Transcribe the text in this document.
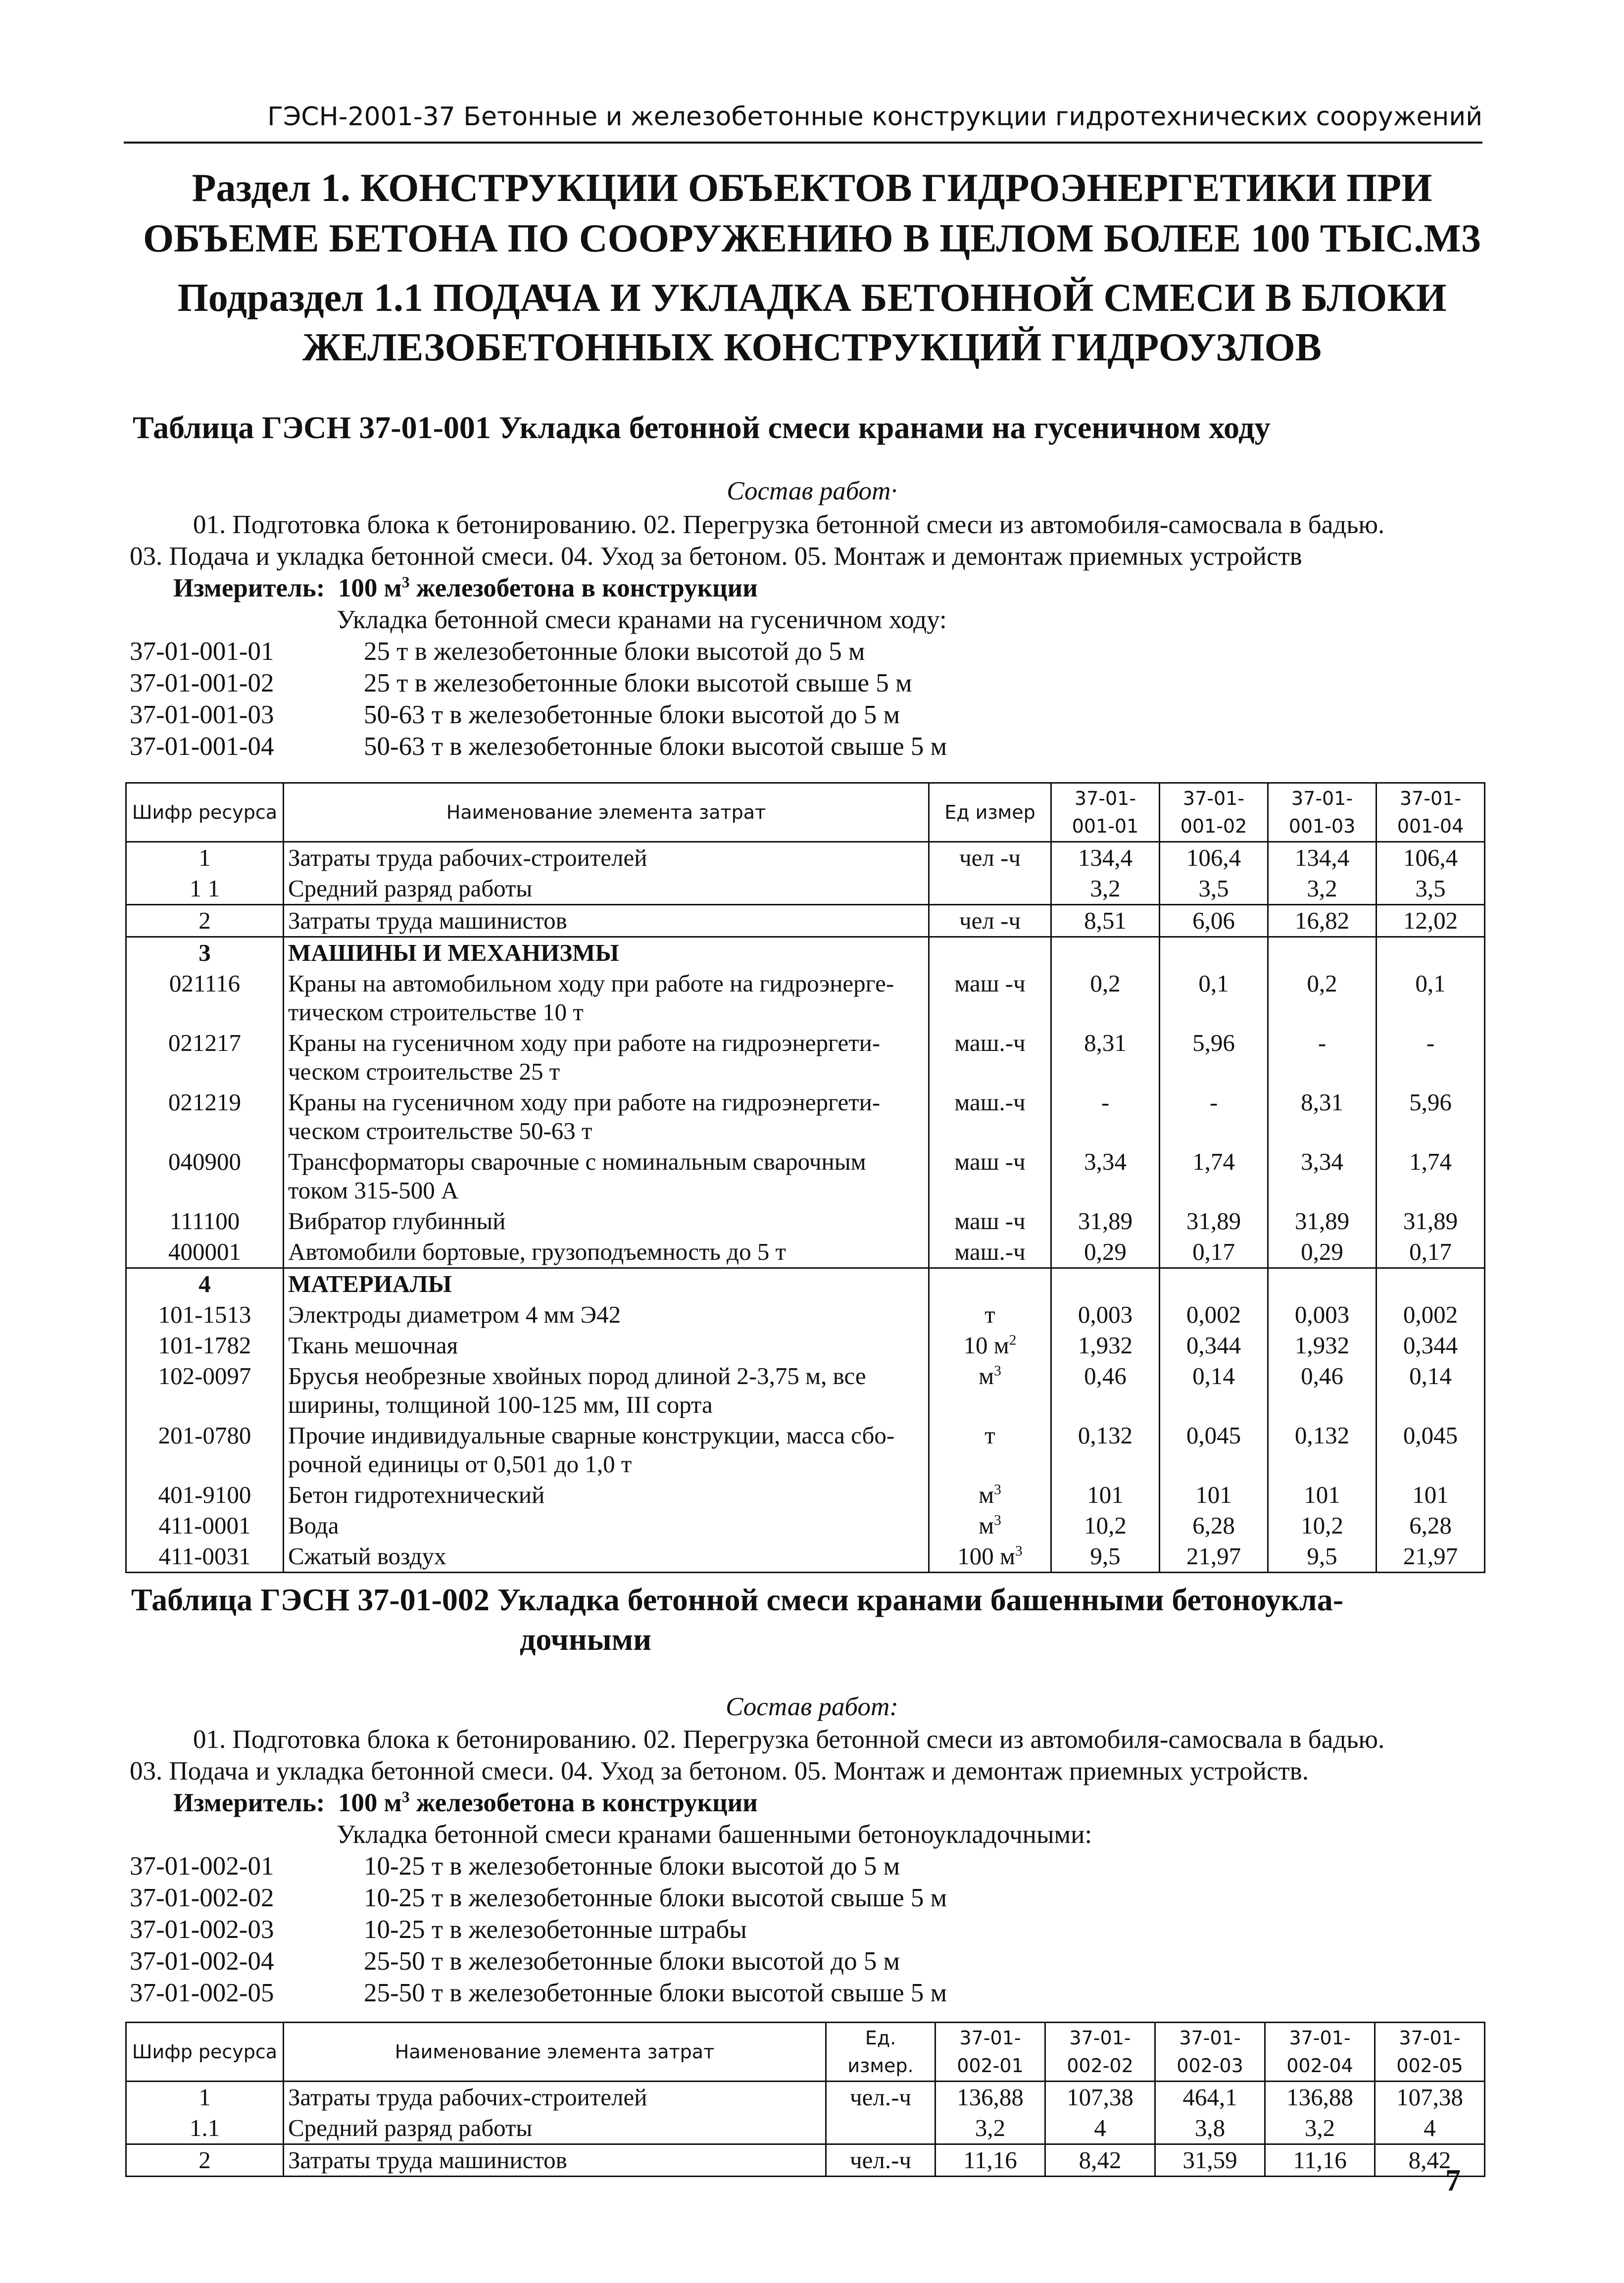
ГЭСН-2001-37 Бетонные и железобетонные конструкции гидротехнических сооружений
Раздел 1. КОНСТРУКЦИИ ОБЪЕКТОВ ГИДРОЭНЕРГЕТИКИ ПРИ
ОБЪЕМЕ БЕТОНА ПО СООРУЖЕНИЮ В ЦЕЛОМ БОЛЕЕ 100 ТЫС.М3
Подраздел 1.1 ПОДАЧА И УКЛАДКА БЕТОННОЙ СМЕСИ В БЛОКИ
ЖЕЛЕЗОБЕТОННЫХ КОНСТРУКЦИЙ ГИДРОУЗЛОВ
Таблица ГЭСН 37-01-001 Укладка бетонной смеси кранами на гусеничном ходу
Состав работ·
01. Подготовка блока к бетонированию. 02. Перегрузка бетонной смеси из автомобиля-самосвала в бадью.
03. Подача и укладка бетонной смеси. 04. Уход за бетоном. 05. Монтаж и демонтаж приемных устройств
Измеритель: 100 $м^3$ железобетона в конструкции
Укладка бетонной смеси кранами на гусеничном ходу:
37-01-001-01	25 т в железобетонные блоки высотой до 5 м
37-01-001-02	25 т в железобетонные блоки высотой свыше 5 м
37-01-001-03	50-63 т в железобетонные блоки высотой до 5 м
37-01-001-04	50-63 т в железобетонные блоки высотой свыше 5 м
Шифр ресурса	Наименование элемента затрат	Ед измер	37-01-
001-01	37-01-
001-02	37-01-
001-03	37-01-
001-04
1	Затраты труда рабочих-строителей	чел -ч	134,4	106,4	134,4	106,4
1 1	Средний разряд работы		3,2	3,5	3,2	3,5
2	Затраты труда машинистов	чел -ч	8,51	6,06	16,82	12,02
3	МАШИНЫ И МЕХАНИЗМЫ					
021116	Краны на автомобильном ходу при работе на гидроэнерге-
тическом строительстве 10 т	маш -ч	0,2	0,1	0,2	0,1
021217	Краны на гусеничном ходу при работе на гидроэнергети-
ческом строительстве 25 т	маш.-ч	8,31	5,96	-	-
021219	Краны на гусеничном ходу при работе на гидроэнергети-
ческом строительстве 50-63 т	маш.-ч	-	-	8,31	5,96
040900	Трансформаторы сварочные с номинальным сварочным
током 315-500 А	маш -ч	3,34	1,74	3,34	1,74
111100	Вибратор глубинный	маш -ч	31,89	31,89	31,89	31,89
400001	Автомобили бортовые, грузоподъемность до 5 т	маш.-ч	0,29	0,17	0,29	0,17
4	МАТЕРИАЛЫ					
101-1513	Электроды диаметром 4 мм Э42	т	0,003	0,002	0,003	0,002
101-1782	Ткань мешочная	10 $м^2$	1,932	0,344	1,932	0,344
102-0097	Брусья необрезные хвойных пород длиной 2-3,75 м, все
ширины, толщиной 100-125 мм, III сорта	$м^3$	0,46	0,14	0,46	0,14
201-0780	Прочие индивидуальные сварные конструкции, масса сбо-
рочной единицы от 0,501 до 1,0 т	т	0,132	0,045	0,132	0,045
401-9100	Бетон гидротехнический	$м^3$	101	101	101	101
411-0001	Вода	$м^3$	10,2	6,28	10,2	6,28
411-0031	Сжатый воздух	100 $м^3$	9,5	21,97	9,5	21,97
Таблица ГЭСН 37-01-002 Укладка бетонной смеси кранами башенными бетоноукла-
дочными
Состав работ:
01. Подготовка блока к бетонированию. 02. Перегрузка бетонной смеси из автомобиля-самосвала в бадью.
03. Подача и укладка бетонной смеси. 04. Уход за бетоном. 05. Монтаж и демонтаж приемных устройств.
Измеритель: 100 $м^3$ железобетона в конструкции
Укладка бетонной смеси кранами башенными бетоноукладочными:
37-01-002-01	10-25 т в железобетонные блоки высотой до 5 м
37-01-002-02	10-25 т в железобетонные блоки высотой свыше 5 м
37-01-002-03	10-25 т в железобетонные штрабы
37-01-002-04	25-50 т в железобетонные блоки высотой до 5 м
37-01-002-05	25-50 т в железобетонные блоки высотой свыше 5 м
Шифр ресурса	Наименование элемента затрат	Ед. измер.	37-01-
002-01	37-01-
002-02	37-01-
002-03	37-01-
002-04	37-01-
002-05
1	Затраты труда рабочих-строителей	чел.-ч	136,88	107,38	464,1	136,88	107,38
1.1	Средний разряд работы		3,2	4	3,8	3,2	4
2	Затраты труда машинистов	чел.-ч	11,16	8,42	31,59	11,16	8,42
7
